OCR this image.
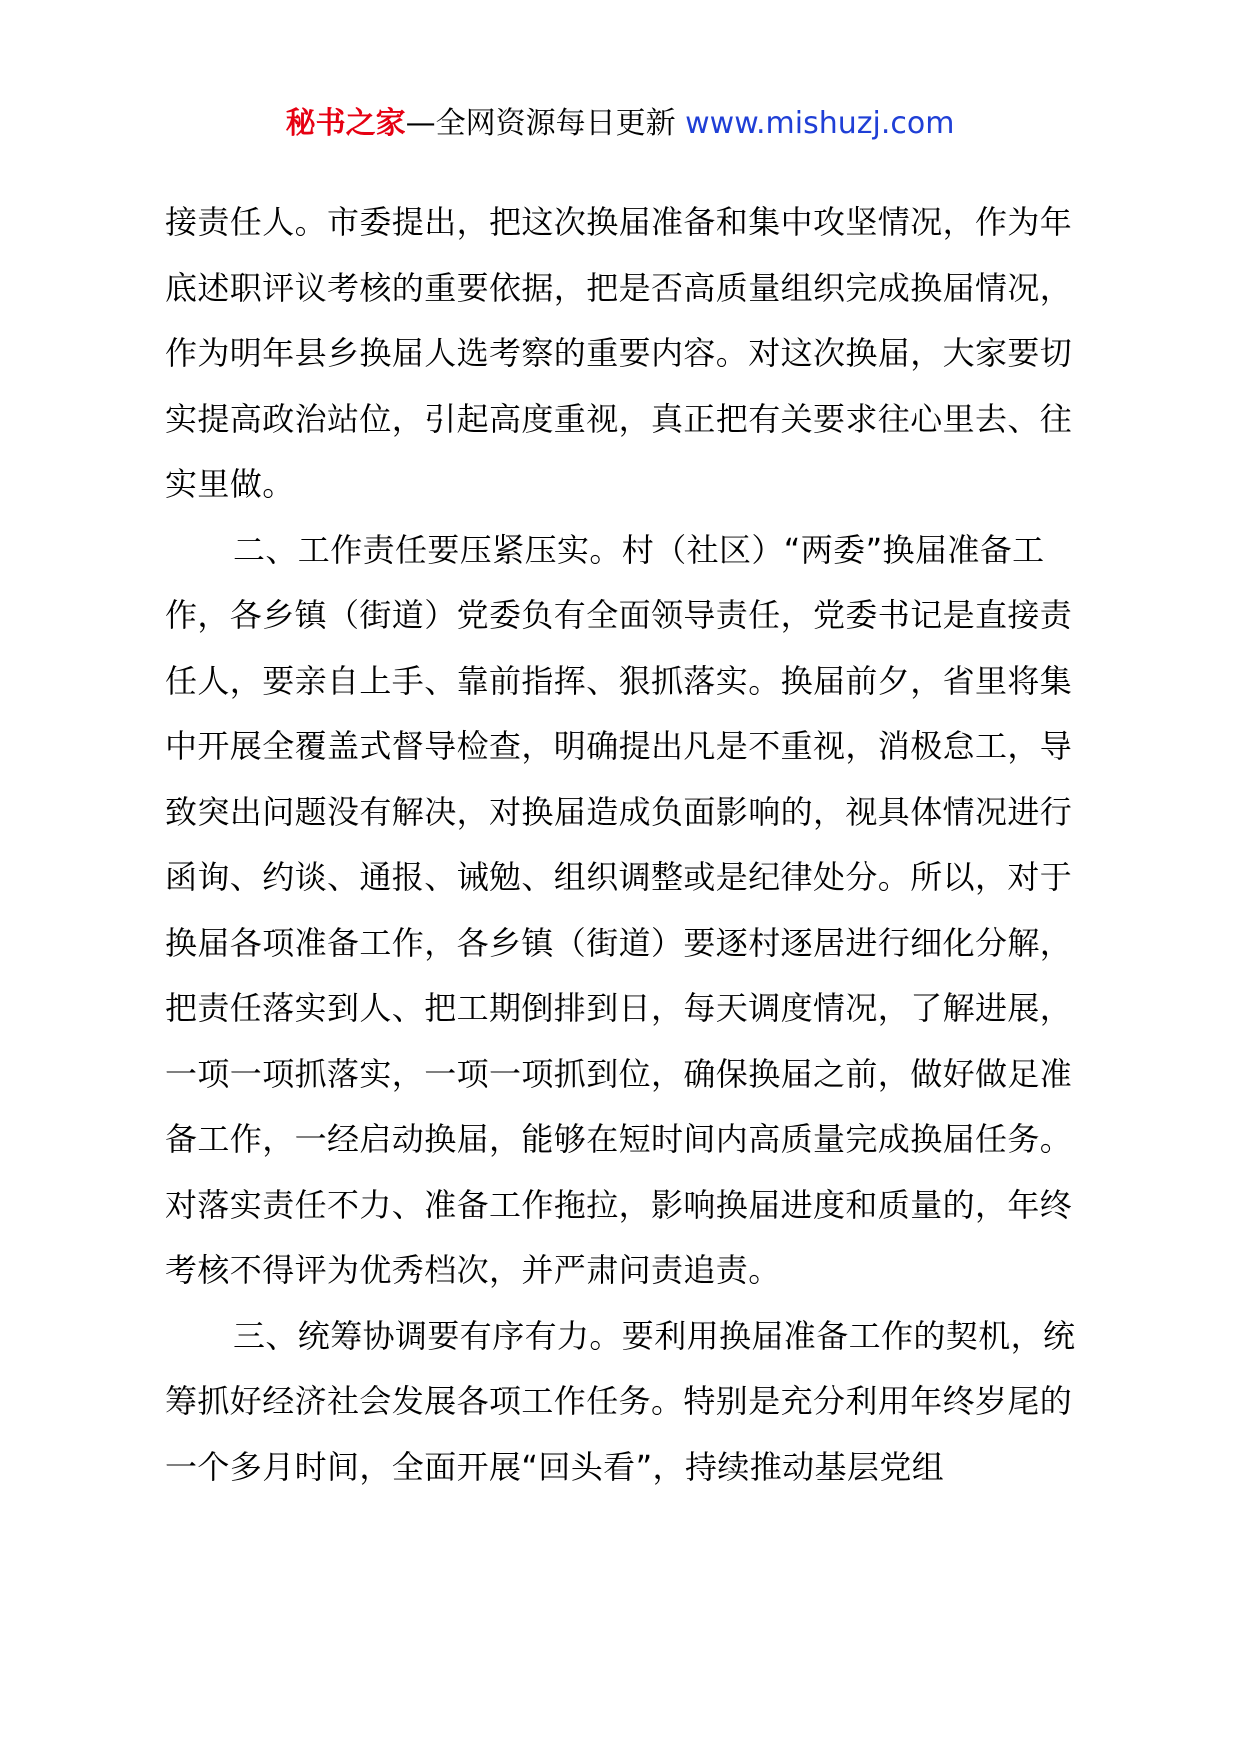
秘书之家—全网资源每日更新 www.mishuzj.com

接责任人。市委提出，把这次换届准备和集中攻坚情况，作为年底述职评议考核的重要依据，把是否高质量组织完成换届情况，作为明年县乡换届人选考察的重要内容。对这次换届，大家要切实提高政治站位，引起高度重视，真正把有关要求往心里去、往实里做。

二、工作责任要压紧压实。村（社区）“两委”换届准备工作，各乡镇（街道）党委负有全面领导责任，党委书记是直接责任人，要亲自上手、靠前指挥、狠抓落实。换届前夕，省里将集中开展全覆盖式督导检查，明确提出凡是不重视，消极怠工，导致突出问题没有解决，对换届造成负面影响的，视具体情况进行函询、约谈、通报、诫勉、组织调整或是纪律处分。所以，对于换届各项准备工作，各乡镇（街道）要逐村逐居进行细化分解，把责任落实到人、把工期倒排到日，每天调度情况，了解进展，一项一项抓落实，一项一项抓到位，确保换届之前，做好做足准备工作，一经启动换届，能够在短时间内高质量完成换届任务。对落实责任不力、准备工作拖拉，影响换届进度和质量的，年终考核不得评为优秀档次，并严肃问责追责。

三、统筹协调要有序有力。要利用换届准备工作的契机，统筹抓好经济社会发展各项工作任务。特别是充分利用年终岁尾的一个多月时间，全面开展“回头看”，持续推动基层党组
